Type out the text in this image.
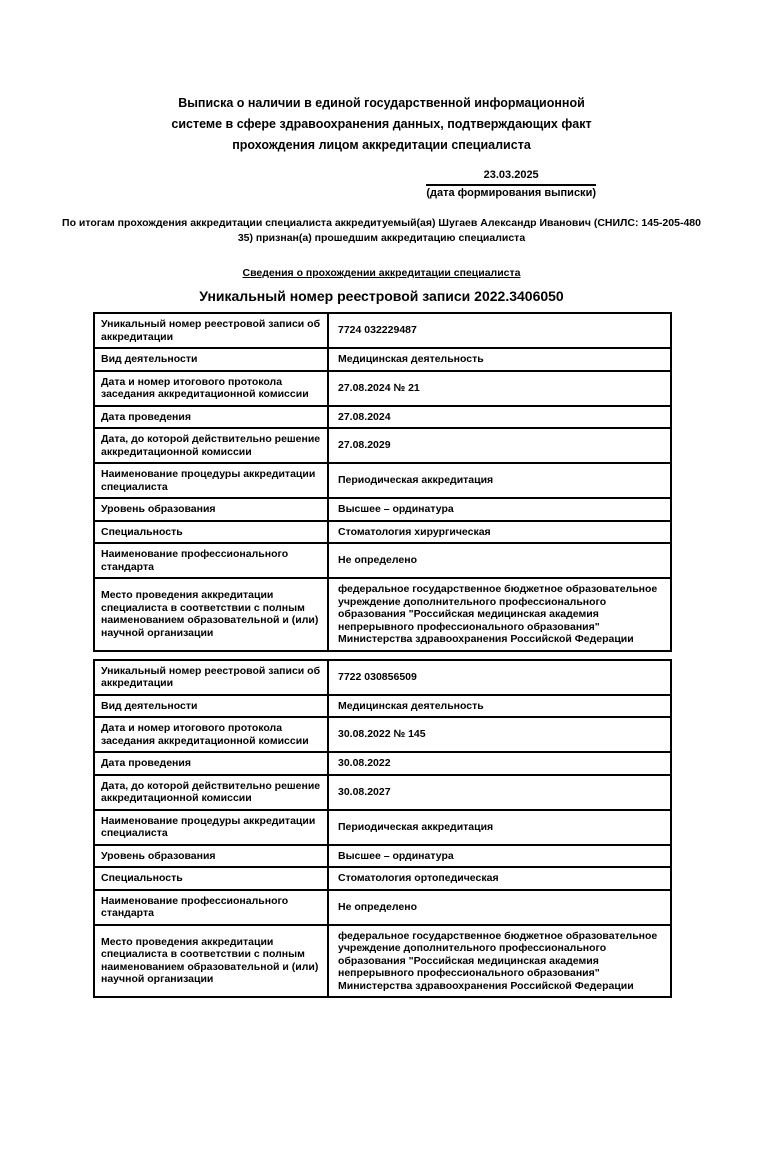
Выписка о наличии в единой государственной информационной системе в сфере здравоохранения данных, подтверждающих факт прохождения лицом аккредитации специалиста
23.03.2025
(дата формирования выписки)
По итогам прохождения аккредитации специалиста аккредитуемый(ая) Шугаев Александр Иванович (СНИЛС: 145-205-480 35) признан(а) прошедшим аккредитацию специалиста
Сведения о прохождении аккредитации специалиста
Уникальный номер реестровой записи 2022.3406050
Уникальный номер реестровой записи об аккредитации	7724 032229487
Вид деятельности	Медицинская деятельность
Дата и номер итогового протокола заседания аккредитационной комиссии	27.08.2024 № 21
Дата проведения	27.08.2024
Дата, до которой действительно решение аккредитационной комиссии	27.08.2029
Наименование процедуры аккредитации специалиста	Периодическая аккредитация
Уровень образования	Высшее – ординатура
Специальность	Стоматология хирургическая
Наименование профессионального стандарта	Не определено
Место проведения аккредитации специалиста в соответствии с полным наименованием образовательной и (или) научной организации	федеральное государственное бюджетное образовательное учреждение дополнительного профессионального образования "Российская медицинская академия непрерывного профессионального образования" Министерства здравоохранения Российской Федерации
Уникальный номер реестровой записи об аккредитации	7722 030856509
Вид деятельности	Медицинская деятельность
Дата и номер итогового протокола заседания аккредитационной комиссии	30.08.2022 № 145
Дата проведения	30.08.2022
Дата, до которой действительно решение аккредитационной комиссии	30.08.2027
Наименование процедуры аккредитации специалиста	Периодическая аккредитация
Уровень образования	Высшее – ординатура
Специальность	Стоматология ортопедическая
Наименование профессионального стандарта	Не определено
Место проведения аккредитации специалиста в соответствии с полным наименованием образовательной и (или) научной организации	федеральное государственное бюджетное образовательное учреждение дополнительного профессионального образования "Российская медицинская академия непрерывного профессионального образования" Министерства здравоохранения Российской Федерации
